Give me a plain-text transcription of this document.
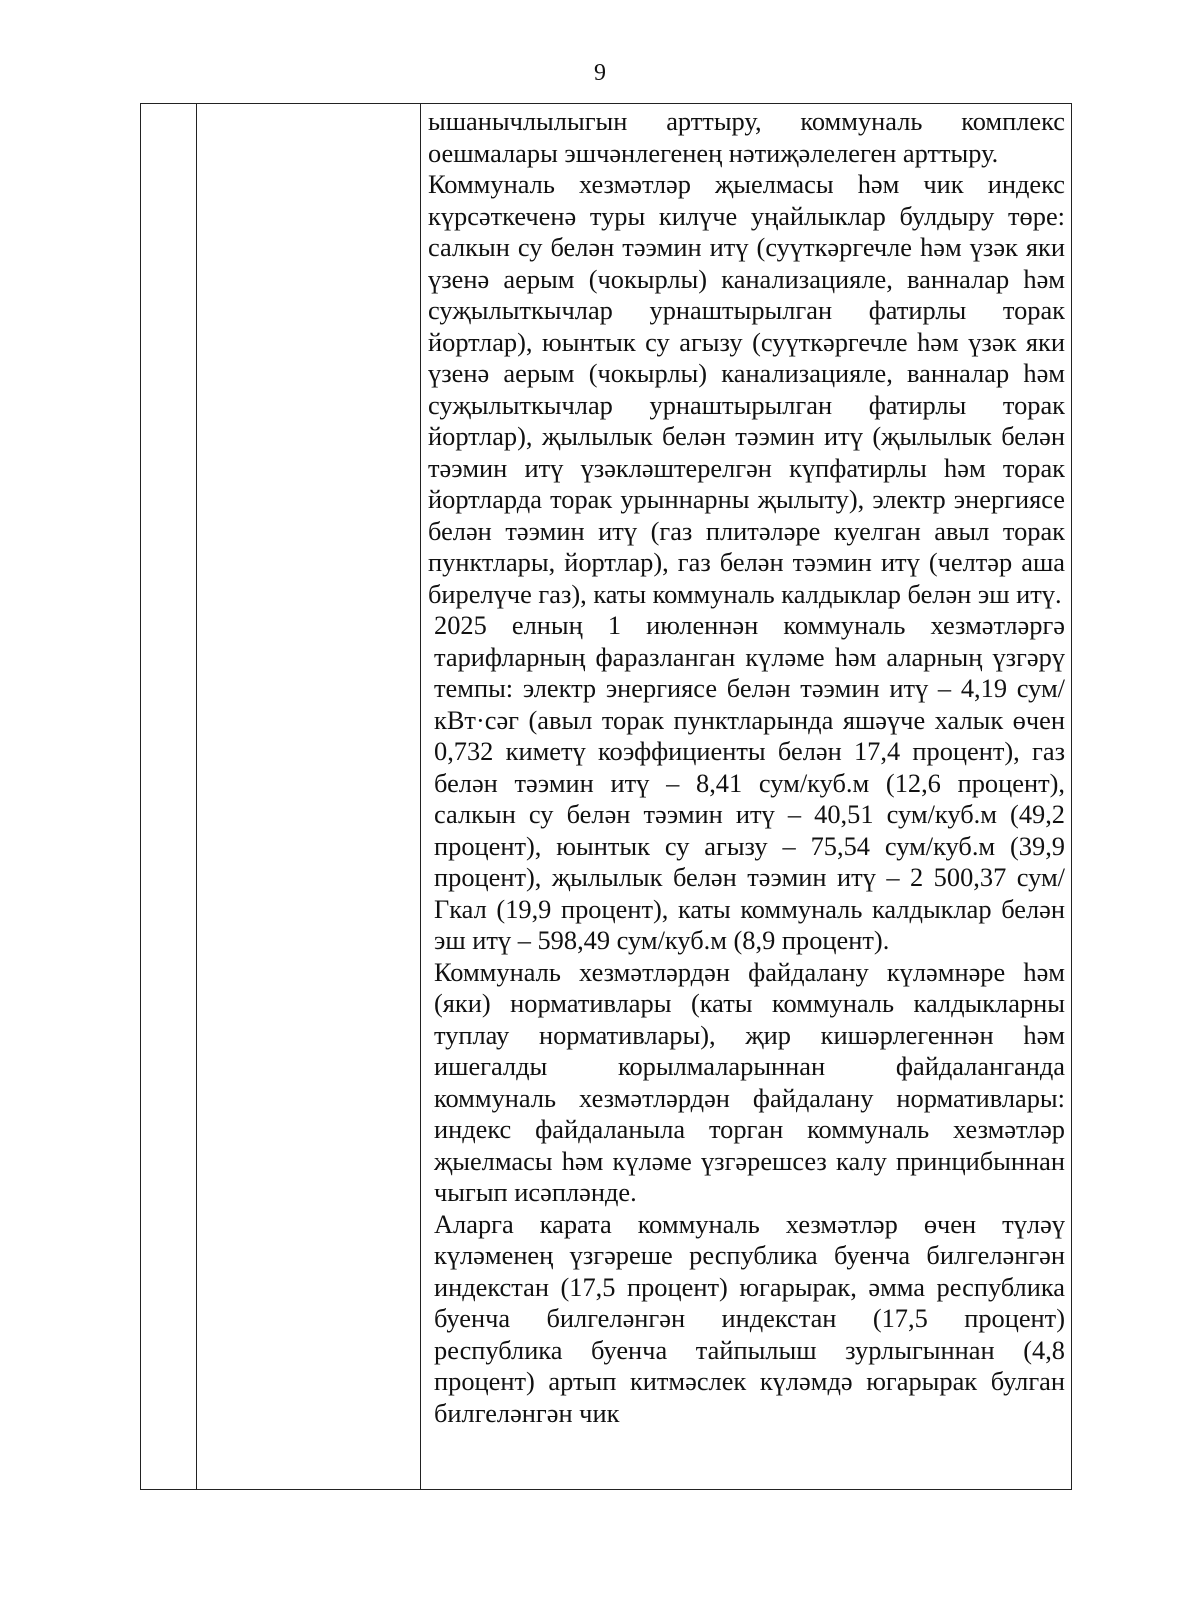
9

ышанычлылыгын арттыру, коммуналь комплекс оешмалары эшчәнлегенең нәтиҗәлелеген арттыру.

Коммуналь хезмәтләр җыелмасы һәм чик индекс күрсәткеченә туры килүче уңайлыклар булдыру төре: салкын су белән тәэмин итү (суүткәргечле һәм үзәк яки үзенә аерым (чокырлы) канализацияле, ванналар һәм суҗылыткычлар урнаштырылган фатирлы торак йортлар), юынтык су агызу (суүткәргечле һәм үзәк яки үзенә аерым (чокырлы) канализацияле, ванналар һәм суҗылыткычлар урнаштырылган фатирлы торак йортлар), җылылык белән тәэмин итү (җылылык белән тәэмин итү үзәкләштерелгән күпфатирлы һәм торак йортларда торак урыннарны җылыту), электр энергиясе белән тәэмин итү (газ плитәләре куелган авыл торак пунктлары, йортлар), газ белән тәэмин итү (челтәр аша бирелүче газ), каты коммуналь калдыклар белән эш итү.

2025 елның 1 июленнән коммуналь хезмәтләргә тарифларның фаразланган күләме һәм аларның үзгәрү темпы: электр энергиясе белән тәэмин итү – 4,19 сум/кВт·сәг (авыл торак пунктларында яшәүче халык өчен 0,732 киметү коэффициенты белән 17,4 процент), газ белән тәэмин итү – 8,41 сум/куб.м (12,6 процент), салкын су белән тәэмин итү – 40,51 сум/куб.м (49,2 процент), юынтык су агызу – 75,54 сум/куб.м (39,9 процент), җылылык белән тәэмин итү – 2 500,37 сум/Гкал (19,9 процент), каты коммуналь калдыклар белән эш итү – 598,49 сум/куб.м (8,9 процент).

Коммуналь хезмәтләрдән файдалану күләмнәре һәм (яки) нормативлары (каты коммуналь калдыкларны туплау нормативлары), җир кишәрлегеннән һәм ишегалды корылмаларыннан файдаланганда коммуналь хезмәтләрдән файдалану нормативлары: индекс файдаланыла торган коммуналь хезмәтләр җыелмасы һәм күләме үзгәрешсез калу принцибыннан чыгып исәпләнде.

Аларга карата коммуналь хезмәтләр өчен түләү күләменең үзгәреше республика буенча билгеләнгән индекстан (17,5 процент) югарырак, әмма республика буенча билгеләнгән индекстан (17,5 процент) республика буенча тайпылыш зурлыгыннан (4,8 процент) артып китмәслек күләмдә югарырак булган билгеләнгән чик
